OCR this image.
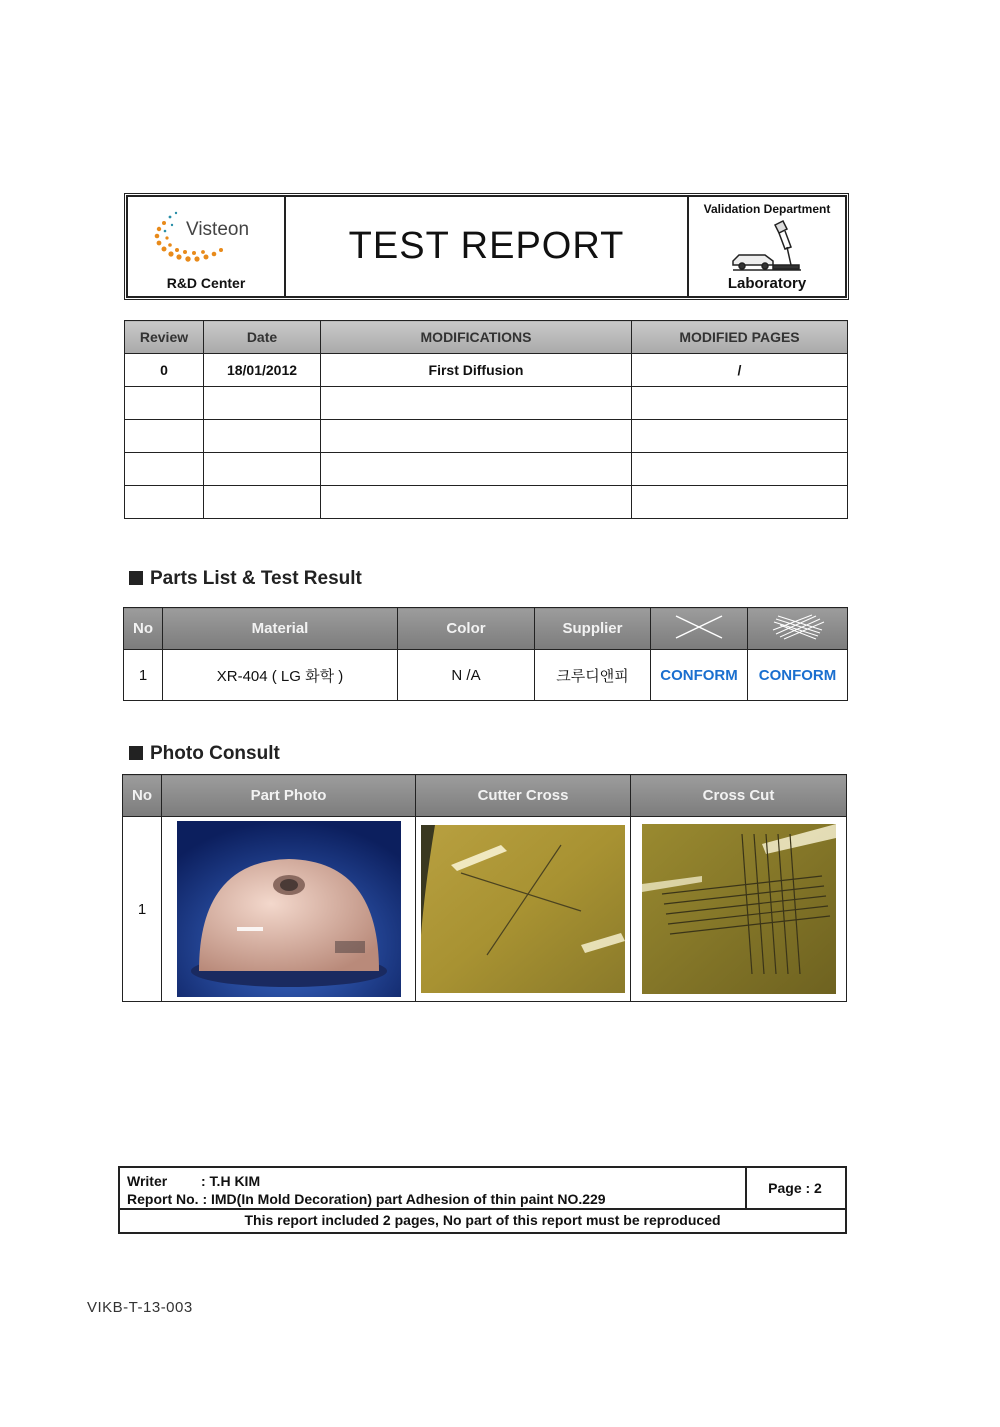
Visteon
R&D Center
TEST REPORT
Validation Department
Laboratory
Review	Date	MODIFICATIONS	MODIFIED PAGES
0	18/01/2012	First Diffusion	/

Parts List & Test Result
No	Material	Color	Supplier		
1	XR-404 ( LG 화학 )	N /A	크루디앤피	CONFORM	CONFORM
Photo Consult
No	Part Photo	Cutter Cross	Cross Cut
1	

Writer : T.H KIM
Report No. : IMD(In Mold Decoration) part Adhesion of thin paint NO.229
Page : 2
This report included 2 pages, No part of this report must be reproduced
VIKB-T-13-003
